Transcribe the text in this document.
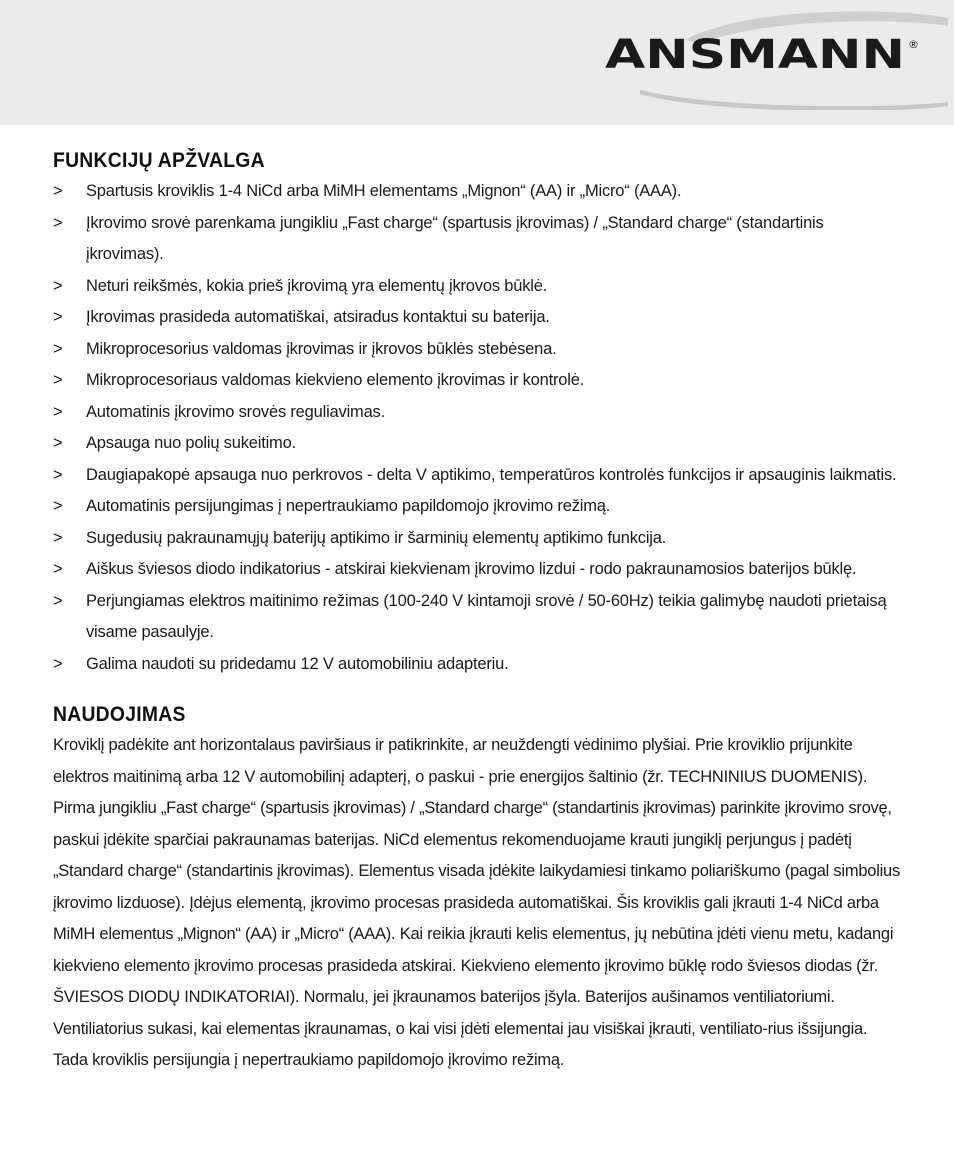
ANSMANN ®
FUNKCIJŲ APŽVALGA
>	Spartusis kroviklis 1-4 NiCd arba MiMH elementams „Mignon“ (AA) ir „Micro“ (AAA).
>	Įkrovimo srovė parenkama jungikliu „Fast charge“ (spartusis įkrovimas) / „Standard charge“ (standartinis įkrovimas).
>	Neturi reikšmės, kokia prieš įkrovimą yra elementų įkrovos būklė.
>	Įkrovimas prasideda automatiškai, atsiradus kontaktui su baterija.
>	Mikroprocesorius valdomas įkrovimas ir įkrovos būklės stebėsena.
>	Mikroprocesoriaus valdomas kiekvieno elemento įkrovimas ir kontrolė.
>	Automatinis įkrovimo srovės reguliavimas.
>	Apsauga nuo polių sukeitimo.
>	Daugiapakopė apsauga nuo perkrovos - delta V aptikimo, temperatūros kontrolės funkcijos ir apsauginis laikmatis.
>	Automatinis persijungimas į nepertraukiamo papildomojo įkrovimo režimą.
>	Sugedusių pakraunamųjų baterijų aptikimo ir šarminių elementų aptikimo funkcija.
>	Aiškus šviesos diodo indikatorius - atskirai kiekvienam įkrovimo lizdui - rodo pakraunamosios baterijos būklę.
>	Perjungiamas elektros maitinimo režimas (100-240 V kintamoji srovė / 50-60Hz) teikia galimybę naudoti prietaisą visame pasaulyje.
>	Galima naudoti su pridedamu 12 V automobiliniu adapteriu.
NAUDOJIMAS

Kroviklį padėkite ant horizontalaus paviršiaus ir patikrinkite, ar neuždengti vėdinimo plyšiai. Prie kroviklio prijunkite elektros maitinimą arba 12 V automobilinį adapterį, o paskui - prie energijos šaltinio (žr. TECHNINIUS DUOMENIS). Pirma jungikliu „Fast charge“ (spartusis įkrovimas) / „Standard charge“ (standartinis įkrovimas) parinkite įkrovimo srovę, paskui įdėkite sparčiai pakraunamas baterijas. NiCd elementus rekomenduojame krauti jungiklį perjungus į padėtį „Standard charge“ (standartinis įkrovimas). Elementus visada įdėkite laikydamiesi tinkamo poliariškumo (pagal simbolius įkrovimo lizduose). Įdėjus elementą, įkrovimo procesas prasideda automatiškai. Šis kroviklis gali įkrauti 1-4 NiCd arba MiMH elementus „Mignon“ (AA) ir „Micro“ (AAA). Kai reikia įkrauti kelis elementus, jų nebūtina įdėti vienu metu, kadangi kiekvieno elemento įkrovimo procesas prasideda atskirai. Kiekvieno elemento įkrovimo būklę rodo šviesos diodas (žr. ŠVIESOS DIODŲ INDIKATORIAI). Normalu, jei įkraunamos baterijos įšyla. Baterijos aušinamos ventiliatoriumi. Ventiliatorius sukasi, kai elementas įkraunamas, o kai visi įdėti elementai jau visiškai įkrauti, ventiliato-rius išsijungia. Tada kroviklis persijungia į nepertraukiamo papildomojo įkrovimo režimą.
